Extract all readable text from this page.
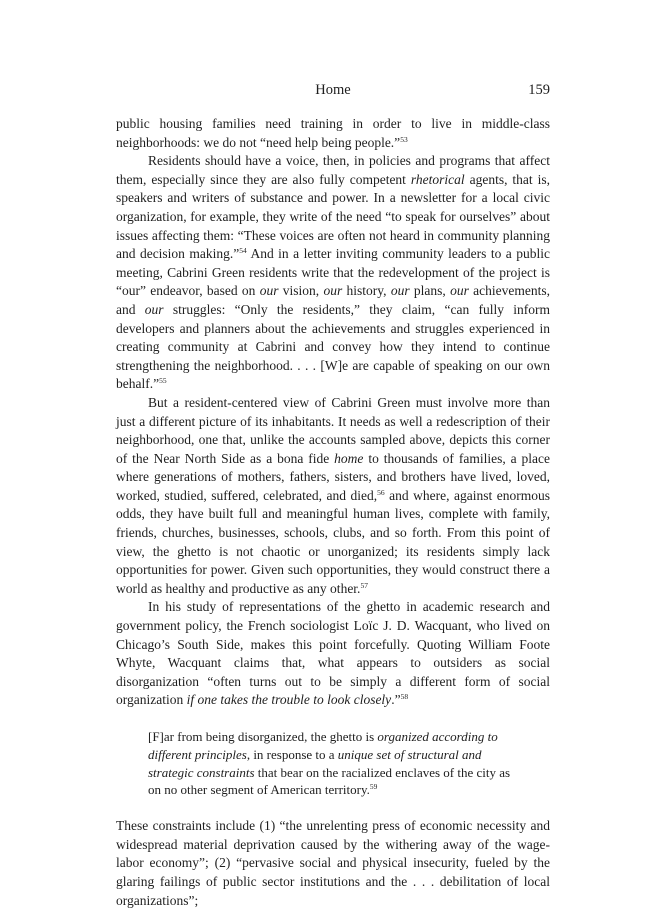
Home	159

public housing families need training in order to live in middle-class neighborhoods: we do not “need help being people.”$^{53}$

Residents should have a voice, then, in policies and programs that affect them, especially since they are also fully competent rhetorical agents, that is, speakers and writers of substance and power. In a newsletter for a local civic organization, for example, they write of the need “to speak for ourselves” about issues affecting them: “These voices are often not heard in community planning and decision making.”$^{54}$ And in a letter inviting community leaders to a public meeting, Cabrini Green residents write that the redevelopment of the project is “our” endeavor, based on our vision, our history, our plans, our achievements, and our struggles: “Only the residents,” they claim, “can fully inform developers and planners about the achievements and struggles experienced in creating community at Cabrini and convey how they intend to continue strengthening the neighborhood. . . . [W]e are capable of speaking on our own behalf.”$^{55}$

But a resident-centered view of Cabrini Green must involve more than just a different picture of its inhabitants. It needs as well a redescription of their neighborhood, one that, unlike the accounts sampled above, depicts this corner of the Near North Side as a bona fide home to thousands of families, a place where generations of mothers, fathers, sisters, and brothers have lived, loved, worked, studied, suffered, celebrated, and died,$^{56}$ and where, against enormous odds, they have built full and meaningful human lives, complete with family, friends, churches, businesses, schools, clubs, and so forth. From this point of view, the ghetto is not chaotic or unorganized; its residents simply lack opportunities for power. Given such opportunities, they would construct there a world as healthy and productive as any other.$^{57}$

In his study of representations of the ghetto in academic research and government policy, the French sociologist Loïc J. D. Wacquant, who lived on Chicago’s South Side, makes this point forcefully. Quoting William Foote Whyte, Wacquant claims that, what appears to outsiders as social disorganization “often turns out to be simply a different form of social organization if one takes the trouble to look closely.”$^{58}$

[F]ar from being disorganized, the ghetto is organized according to different principles, in response to a unique set of structural and strategic constraints that bear on the racialized enclaves of the city as on no other segment of American territory.$^{59}$

These constraints include (1) “the unrelenting press of economic necessity and widespread material deprivation caused by the withering away of the wage-labor economy”; (2) “pervasive social and physical insecurity, fueled by the glaring failings of public sector institutions and the . . . debilitation of local organizations”;
